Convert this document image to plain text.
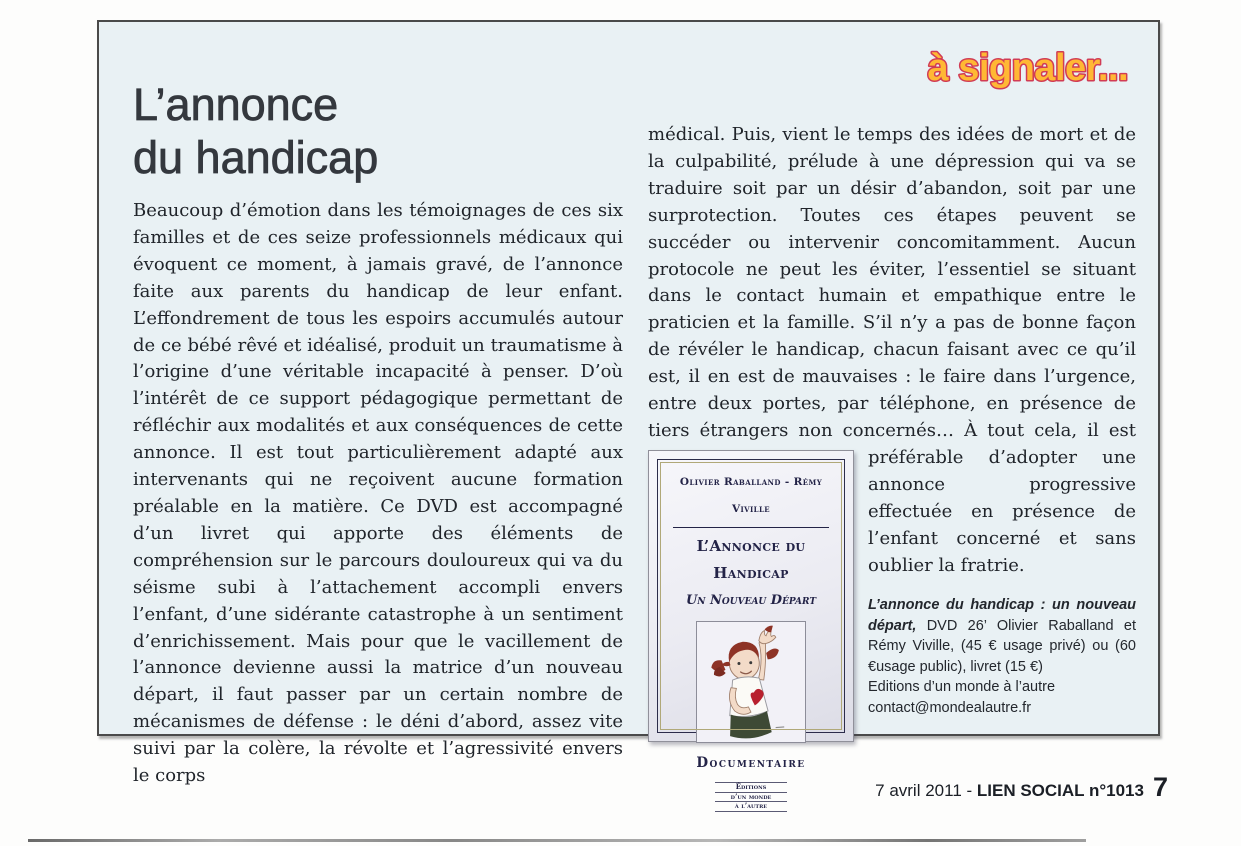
à signaler...
L’annonce
du handicap

Beaucoup d’émotion dans les témoignages de ces six familles et de ces seize professionnels médicaux qui évoquent ce moment, à jamais gravé, de l’annonce faite aux parents du handicap de leur enfant. L’effondrement de tous les espoirs accumulés autour de ce bébé rêvé et idéalisé, produit un traumatisme à l’origine d’une véritable incapacité à penser. D’où l’intérêt de ce support pédagogique permettant de réfléchir aux modalités et aux conséquences de cette annonce. Il est tout particulièrement adapté aux intervenants qui ne reçoivent aucune formation préalable en la matière. Ce DVD est accompagné d’un livret qui apporte des éléments de compréhension sur le parcours douloureux qui va du séisme subi à l’attachement accompli envers l’enfant, d’une sidérante catastrophe à un sentiment d’enrichissement. Mais pour que le vacillement de l’annonce devienne aussi la matrice d’un nouveau départ, il faut passer par un certain nombre de mécanismes de défense : le déni d’abord, assez vite suivi par la colère, la révolte et l’agressivité envers le corps

médical. Puis, vient le temps des idées de mort et de la culpabilité, prélude à une dépression qui va se traduire soit par un désir d’abandon, soit par une surprotection. Toutes ces étapes peuvent se succéder ou intervenir concomitamment. Aucun protocole ne peut les éviter, l’essentiel se situant dans le contact humain et empathique entre le praticien et la famille. S’il n’y a pas de bonne façon de révéler le handicap, chacun faisant avec ce qu’il est, il en est de mauvaises : le faire dans l’urgence, entre deux portes, par téléphone, en présence de tiers étrangers non concernés… À tout
Olivier Raballand - Rémy Viville
L’Annonce du Handicap
Un Nouveau Départ
Documentaire
Éditions
d’un monde
à l’autre
cela, il est préférable d’adopter une annonce progressive effectuée en présence de l’enfant concerné et sans oublier la fratrie.

L’annonce du handicap : un nouveau départ, DVD 26’ Olivier Raballand et Rémy Viville, (45 € usage privé) ou (60 €usage public), livret (15 €)
Editions d’un monde à l’autre
contact@mondealautre.fr
7 avril 2011 - LIEN SOCIAL n°1013 7
